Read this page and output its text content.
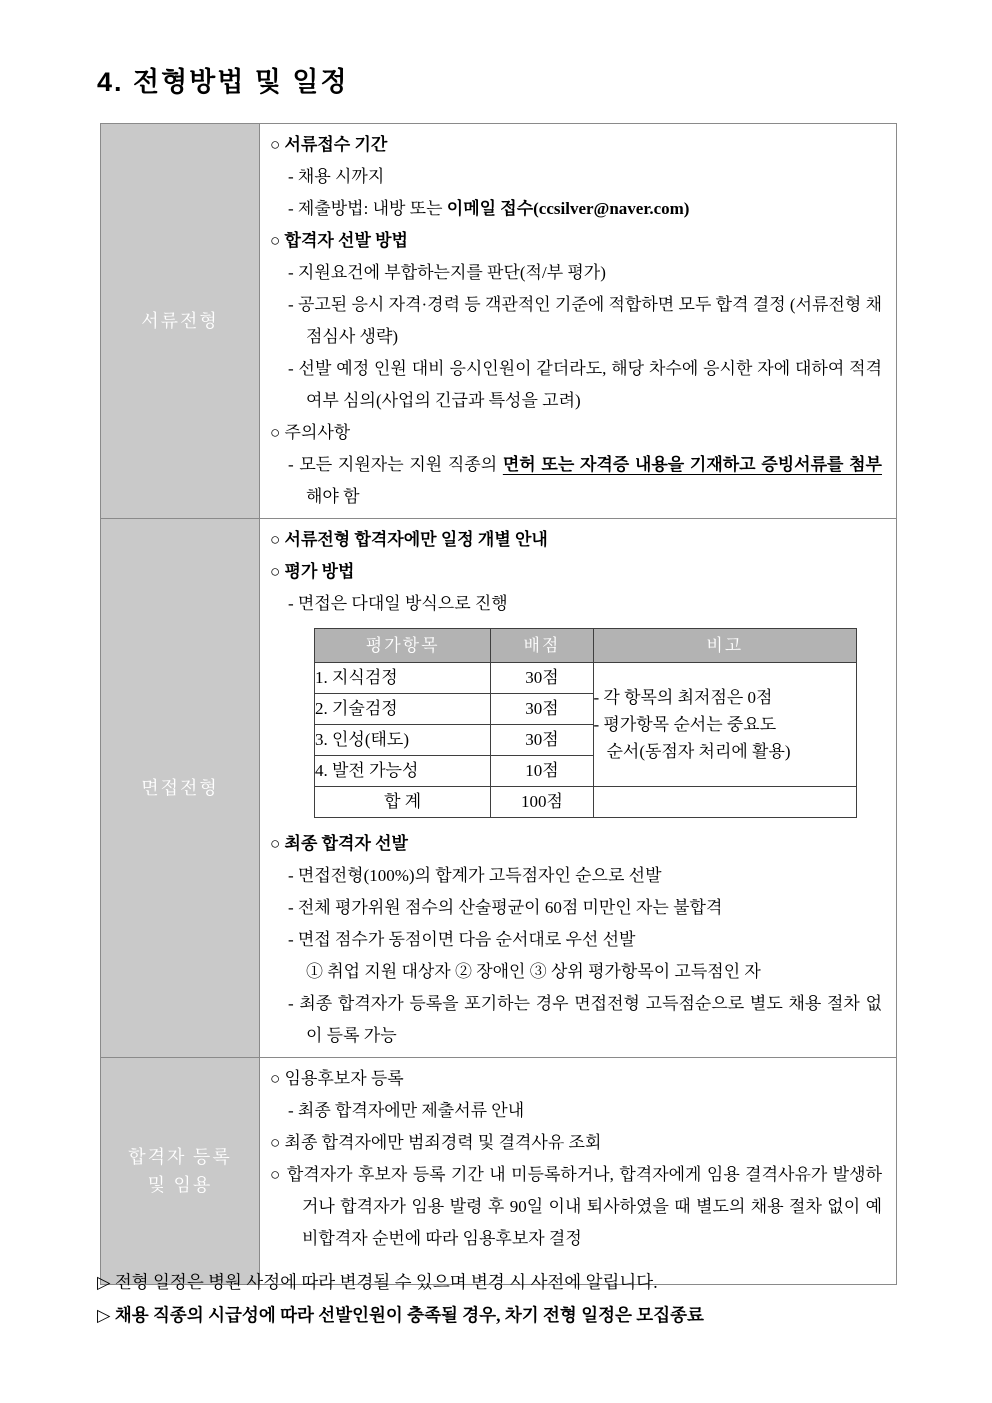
4. 전형방법 및 일정
서류전형
○ 서류접수 기간
- 채용 시까지
- 제출방법: 내방 또는 이메일 접수(ccsilver@naver.com)
○ 합격자 선발 방법
- 지원요건에 부합하는지를 판단(적/부 평가)
- 공고된 응시 자격·경력 등 객관적인 기준에 적합하면 모두 합격 결정 (서류전형 채점심사 생략)
- 선발 예정 인원 대비 응시인원이 같더라도, 해당 차수에 응시한 자에 대하여 적격 여부 심의(사업의 긴급과 특성을 고려)
○ 주의사항
- 모든 지원자는 지원 직종의 면허 또는 자격증 내용을 기재하고 증빙서류를 첨부해야 함
면접전형
○ 서류전형 합격자에만 일정 개별 안내
○ 평가 방법
- 면접은 다대일 방식으로 진행
평가항목	배점	비고
1. 지식검정	30점	- 각 항목의 최저점은 0점
- 평가항목 순서는 중요도
순서(동점자 처리에 활용)

2. 기술검정	30점	
3. 인성(태도)	30점	
4. 발전 가능성	10점	
합 계	100점	
○ 최종 합격자 선발
- 면접전형(100%)의 합계가 고득점자인 순으로 선발
- 전체 평가위원 점수의 산술평균이 60점 미만인 자는 불합격
- 면접 점수가 동점이면 다음 순서대로 우선 선발
① 취업 지원 대상자 ② 장애인 ③ 상위 평가항목이 고득점인 자
- 최종 합격자가 등록을 포기하는 경우 면접전형 고득점순으로 별도 채용 절차 없이 등록 가능
합격자 등록
및 임용
○ 임용후보자 등록
- 최종 합격자에만 제출서류 안내
○ 최종 합격자에만 범죄경력 및 결격사유 조회
○ 합격자가 후보자 등록 기간 내 미등록하거나, 합격자에게 임용 결격사유가 발생하거나 합격자가 임용 발령 후 90일 이내 퇴사하였을 때 별도의 채용 절차 없이 예비합격자 순번에 따라 임용후보자 결정
▷ 전형 일정은 병원 사정에 따라 변경될 수 있으며 변경 시 사전에 알립니다.
▷ 채용 직종의 시급성에 따라 선발인원이 충족될 경우, 차기 전형 일정은 모집종료
